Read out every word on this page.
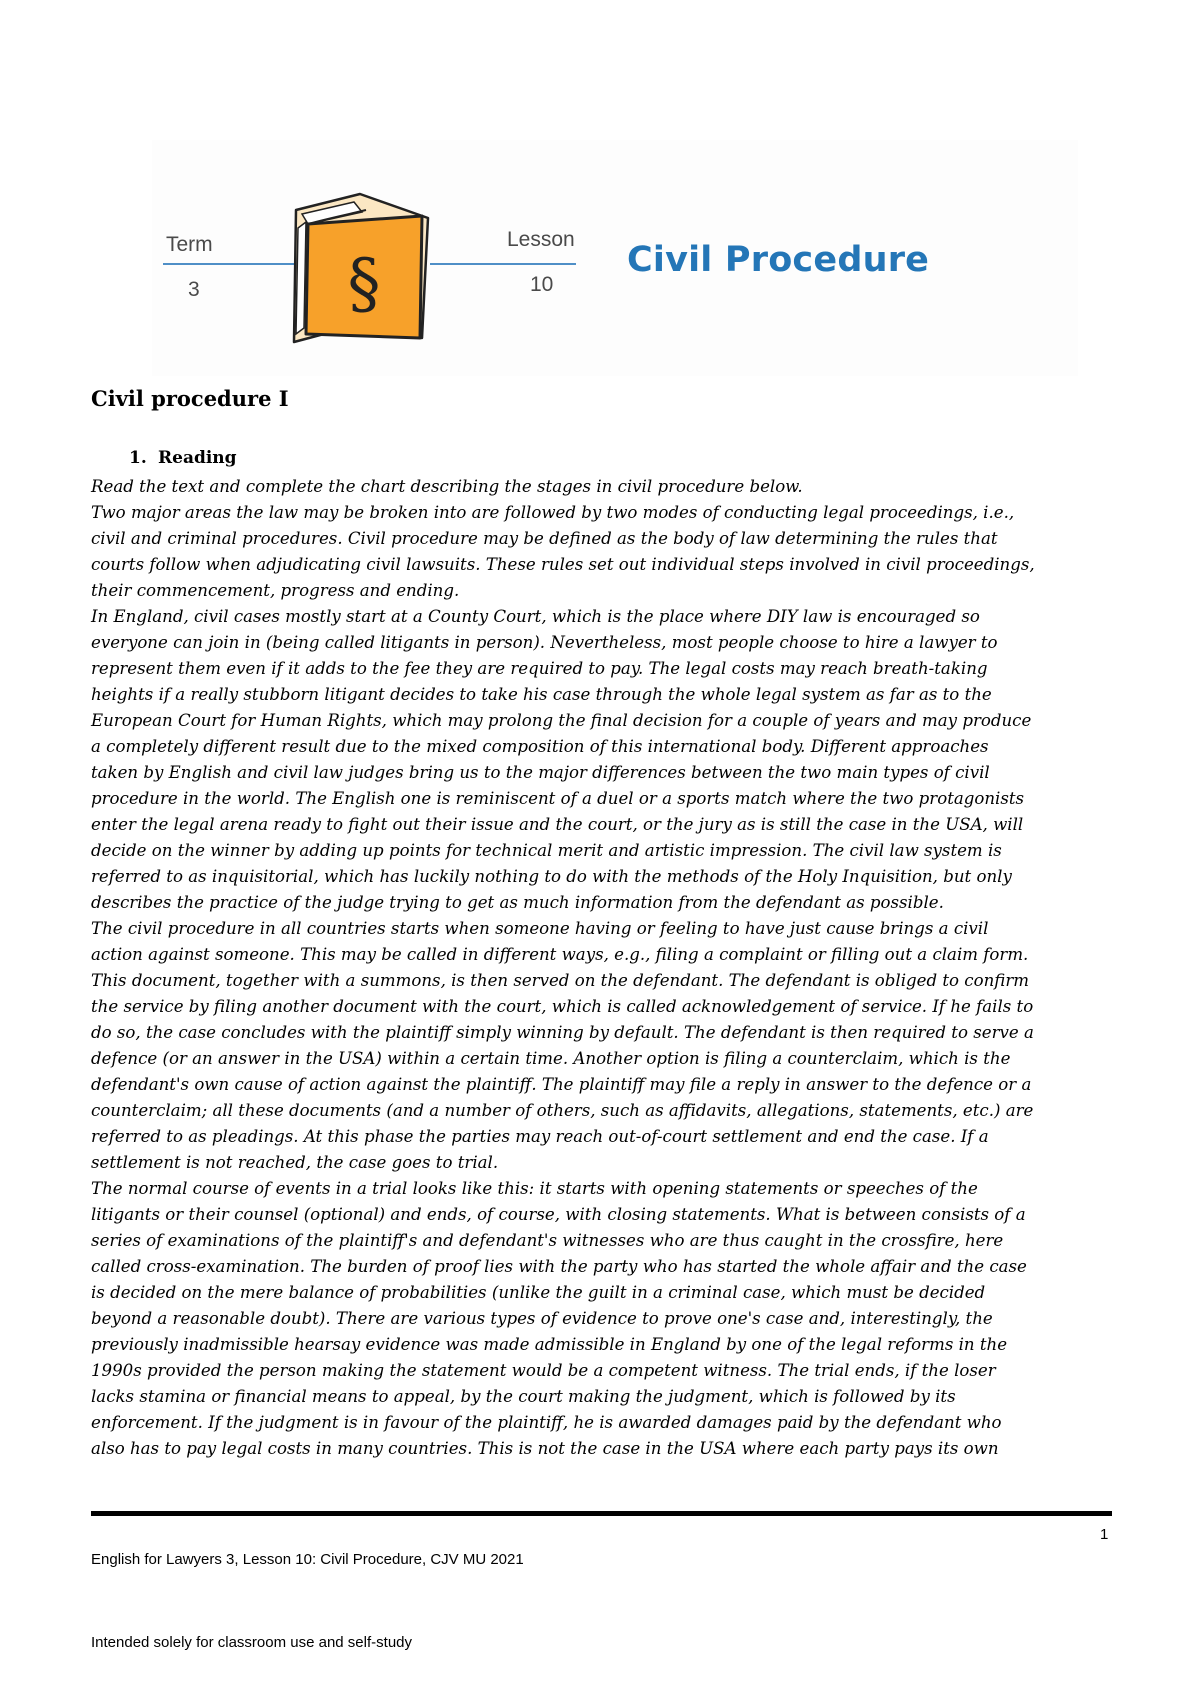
Term
3
Lesson
10
§	Civil Procedure
Civil procedure I
1. Reading
Read the text and complete the chart describing the stages in civil procedure below.
Two major areas the law may be broken into are followed by two modes of conducting legal proceedings, i.e.,
civil and criminal procedures. Civil procedure may be defined as the body of law determining the rules that
courts follow when adjudicating civil lawsuits. These rules set out individual steps involved in civil proceedings,
their commencement, progress and ending.
In England, civil cases mostly start at a County Court, which is the place where DIY law is encouraged so
everyone can join in (being called litigants in person). Nevertheless, most people choose to hire a lawyer to
represent them even if it adds to the fee they are required to pay. The legal costs may reach breath-taking
heights if a really stubborn litigant decides to take his case through the whole legal system as far as to the
European Court for Human Rights, which may prolong the final decision for a couple of years and may produce
a completely different result due to the mixed composition of this international body. Different approaches
taken by English and civil law judges bring us to the major differences between the two main types of civil
procedure in the world. The English one is reminiscent of a duel or a sports match where the two protagonists
enter the legal arena ready to fight out their issue and the court, or the jury as is still the case in the USA, will
decide on the winner by adding up points for technical merit and artistic impression. The civil law system is
referred to as inquisitorial, which has luckily nothing to do with the methods of the Holy Inquisition, but only
describes the practice of the judge trying to get as much information from the defendant as possible.
The civil procedure in all countries starts when someone having or feeling to have just cause brings a civil
action against someone. This may be called in different ways, e.g., filing a complaint or filling out a claim form.
This document, together with a summons, is then served on the defendant. The defendant is obliged to confirm
the service by filing another document with the court, which is called acknowledgement of service. If he fails to
do so, the case concludes with the plaintiff simply winning by default. The defendant is then required to serve a
defence (or an answer in the USA) within a certain time. Another option is filing a counterclaim, which is the
defendant's own cause of action against the plaintiff. The plaintiff may file a reply in answer to the defence or a
counterclaim; all these documents (and a number of others, such as affidavits, allegations, statements, etc.) are
referred to as pleadings. At this phase the parties may reach out-of-court settlement and end the case. If a
settlement is not reached, the case goes to trial.
The normal course of events in a trial looks like this: it starts with opening statements or speeches of the
litigants or their counsel (optional) and ends, of course, with closing statements. What is between consists of a
series of examinations of the plaintiff's and defendant's witnesses who are thus caught in the crossfire, here
called cross-examination. The burden of proof lies with the party who has started the whole affair and the case
is decided on the mere balance of probabilities (unlike the guilt in a criminal case, which must be decided
beyond a reasonable doubt). There are various types of evidence to prove one's case and, interestingly, the
previously inadmissible hearsay evidence was made admissible in England by one of the legal reforms in the
1990s provided the person making the statement would be a competent witness. The trial ends, if the loser
lacks stamina or financial means to appeal, by the court making the judgment, which is followed by its
enforcement. If the judgment is in favour of the plaintiff, he is awarded damages paid by the defendant who
also has to pay legal costs in many countries. This is not the case in the USA where each party pays its own
1
English for Lawyers 3, Lesson 10: Civil Procedure, CJV MU 2021
Intended solely for classroom use and self-study
